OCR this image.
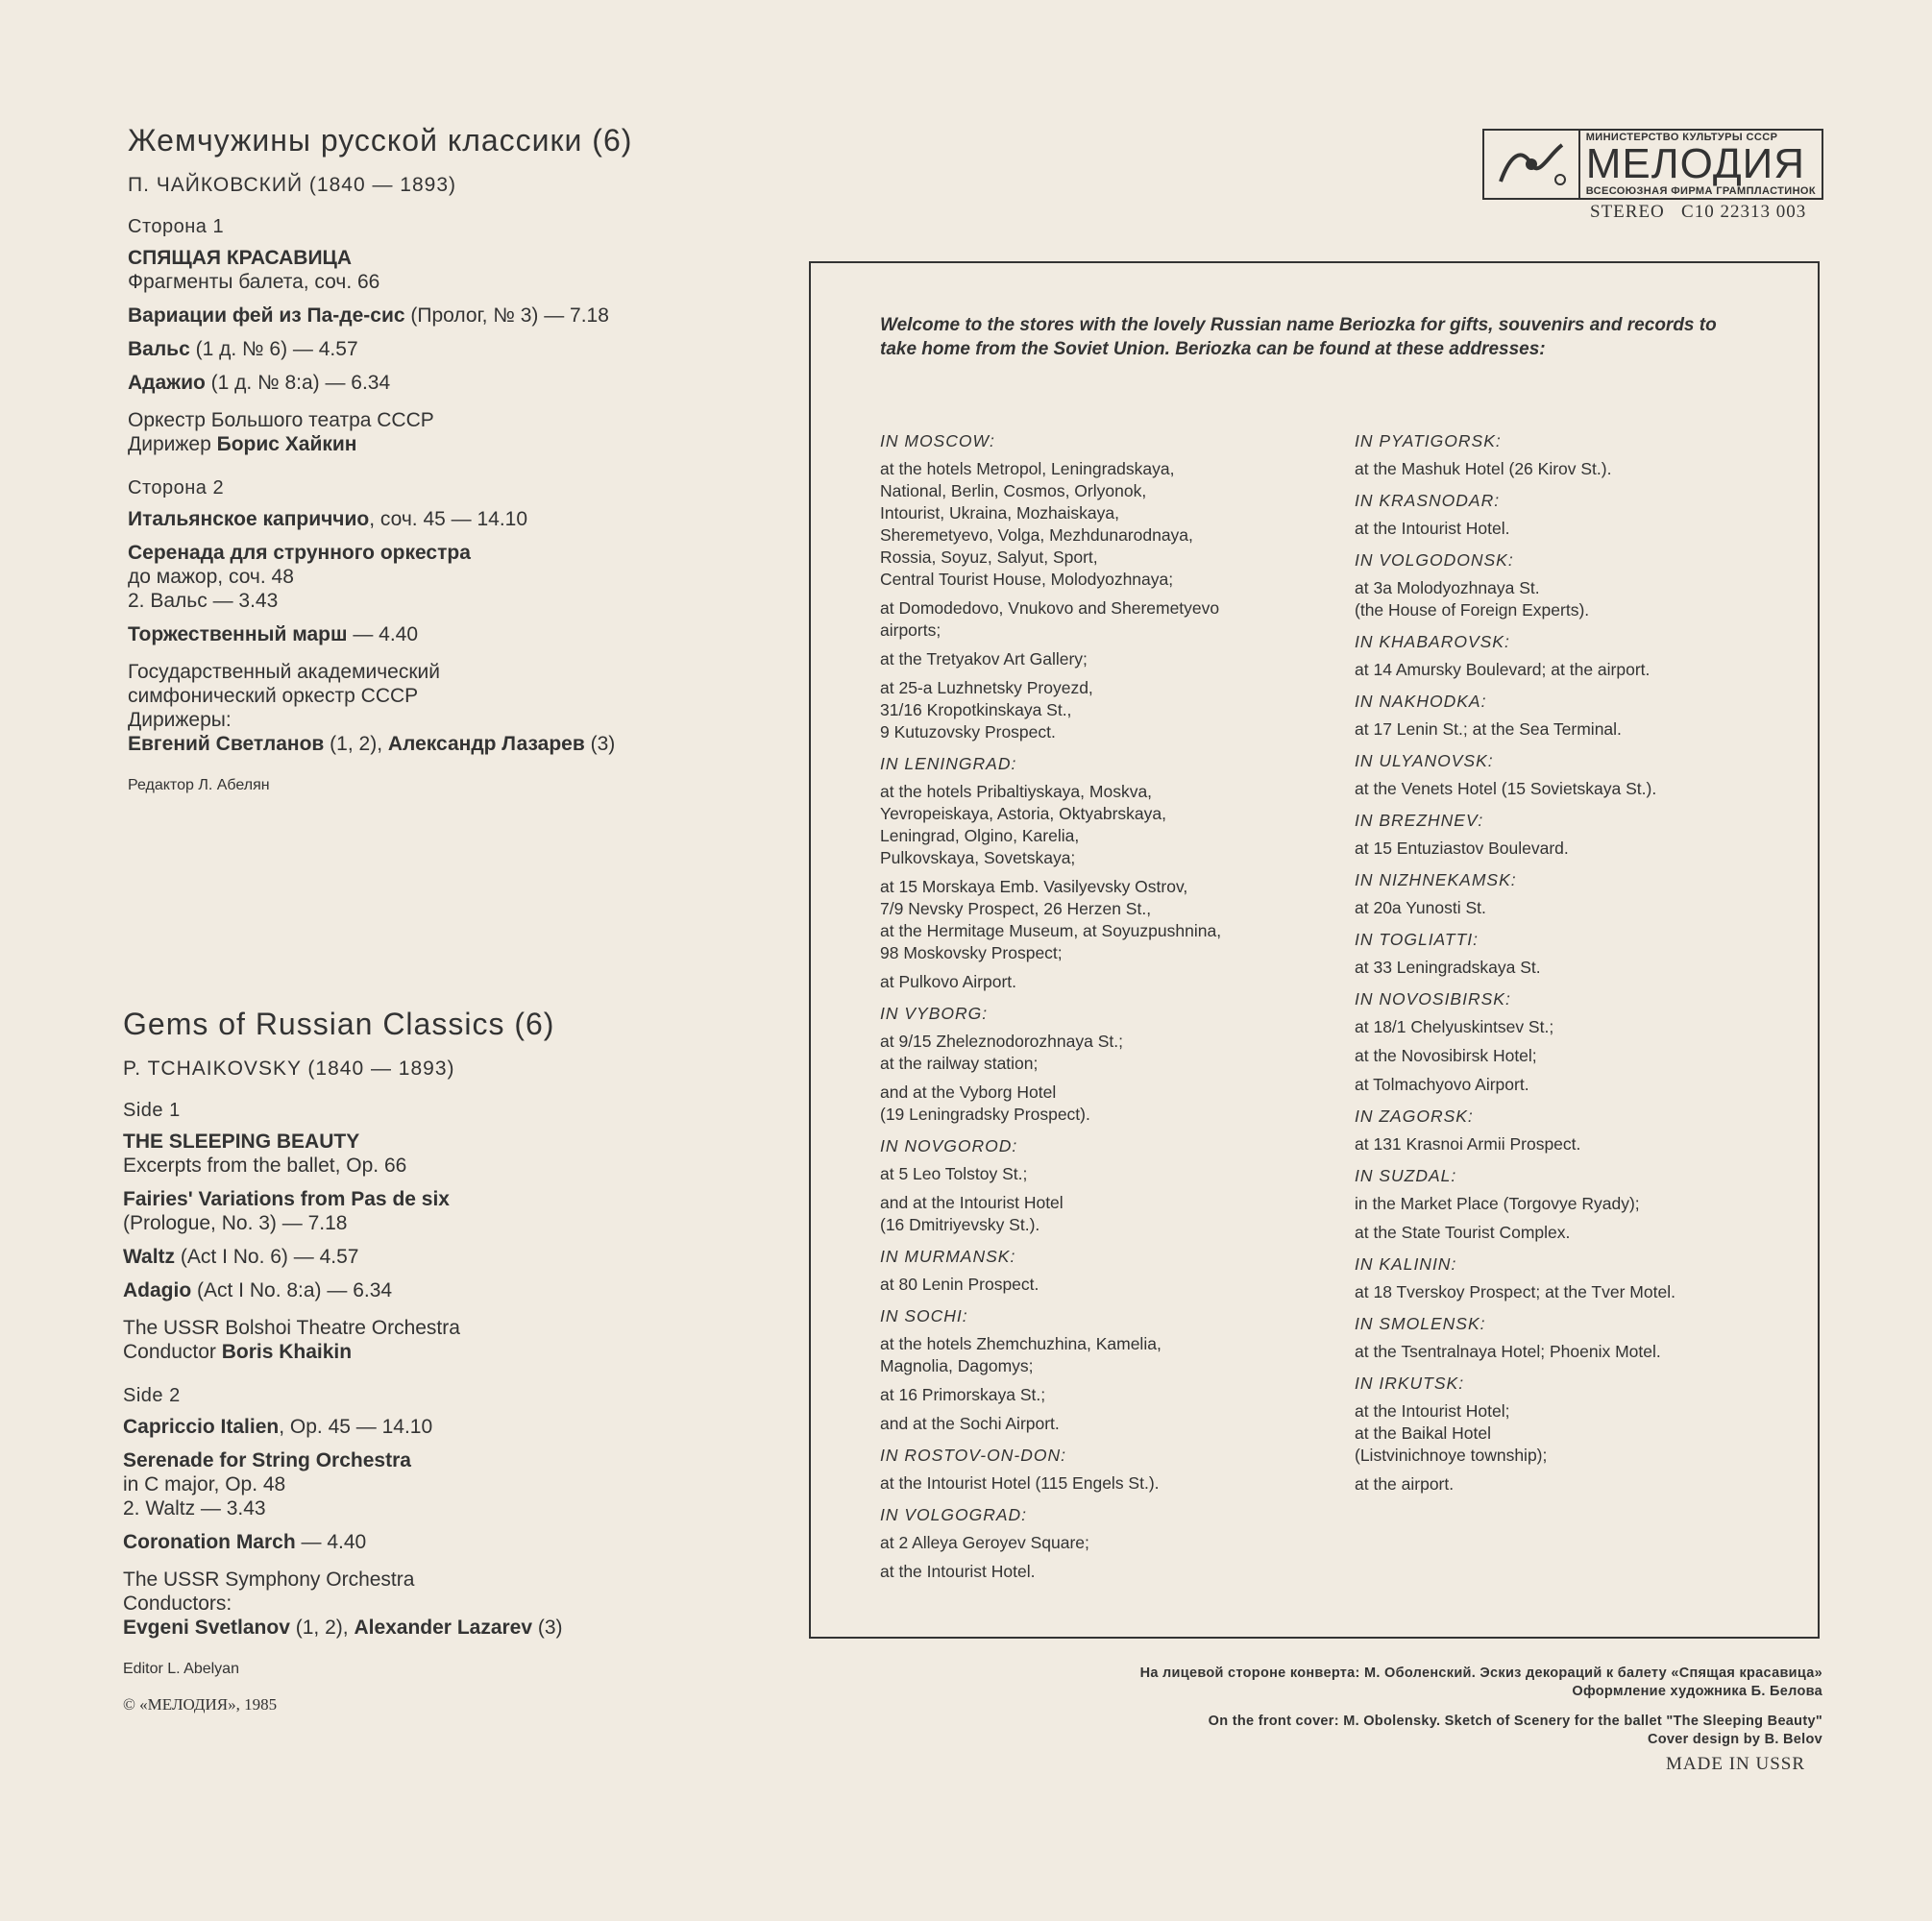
Жемчужины русской классики (6)
П. ЧАЙКОВСКИЙ (1840 — 1893)
Сторона 1
СПЯЩАЯ КРАСАВИЦА
Фрагменты балета, соч. 66
Вариации фей из Па-де-сис (Пролог, № 3) — 7.18
Вальс (1 д. № 6) — 4.57
Адажио (1 д. № 8:а) — 6.34
Оркестр Большого театра СССР
Дирижер Борис Хайкин
Сторона 2
Итальянское каприччио, соч. 45 — 14.10
Серенада для струнного оркестра
до мажор, соч. 48
2. Вальс — 3.43
Торжественный марш — 4.40
Государственный академический
симфонический оркестр СССР
Дирижеры:
Евгений Светланов (1, 2), Александр Лазарев (3)
Редактор Л. Абелян
Gems of Russian Classics (6)
P. TCHAIKOVSKY (1840 — 1893)
Side 1
THE SLEEPING BEAUTY
Excerpts from the ballet, Op. 66
Fairies' Variations from Pas de six
(Prologue, No. 3) — 7.18
Waltz (Act I No. 6) — 4.57
Adagio (Act I No. 8:a) — 6.34
The USSR Bolshoi Theatre Orchestra
Conductor Boris Khaikin
Side 2
Capriccio Italien, Op. 45 — 14.10
Serenade for String Orchestra
in C major, Op. 48
2. Waltz — 3.43
Coronation March — 4.40
The USSR Symphony Orchestra
Conductors:
Evgeni Svetlanov (1, 2), Alexander Lazarev (3)
Editor L. Abelyan
© «МЕЛОДИЯ», 1985
МИНИСТЕРСТВО КУЛЬТУРЫ СССР
МЕЛОДИЯ
ВСЕСОЮЗНАЯ ФИРМА ГРАМПЛАСТИНОК
STEREO   С10 22313 003
Welcome to the stores with the lovely Russian name Beriozka for gifts, souvenirs and records to take home from the Soviet Union. Beriozka can be found at these addresses:
IN MOSCOW:
at the hotels Metropol, Leningradskaya,
National, Berlin, Cosmos, Orlyonok,
Intourist, Ukraina, Mozhaiskaya,
Sheremetyevo, Volga, Mezhdunarodnaya,
Rossia, Soyuz, Salyut, Sport,
Central Tourist House, Molodyozhnaya;
at Domodedovo, Vnukovo and Sheremetyevo
airports;
at the Tretyakov Art Gallery;
at 25-a Luzhnetsky Proyezd,
31/16 Kropotkinskaya St.,
9 Kutuzovsky Prospect.
IN LENINGRAD:
at the hotels Pribaltiyskaya, Moskva,
Yevropeiskaya, Astoria, Oktyabrskaya,
Leningrad, Olgino, Karelia,
Pulkovskaya, Sovetskaya;
at 15 Morskaya Emb. Vasilyevsky Ostrov,
7/9 Nevsky Prospect, 26 Herzen St.,
at the Hermitage Museum, at Soyuzpushnina,
98 Moskovsky Prospect;
at Pulkovo Airport.
IN VYBORG:
at 9/15 Zheleznodorozhnaya St.;
at the railway station;
and at the Vyborg Hotel
(19 Leningradsky Prospect).
IN NOVGOROD:
at 5 Leo Tolstoy St.;
and at the Intourist Hotel
(16 Dmitriyevsky St.).
IN MURMANSK:
at 80 Lenin Prospect.
IN SOCHI:
at the hotels Zhemchuzhina, Kamelia,
Magnolia, Dagomys;
at 16 Primorskaya St.;
and at the Sochi Airport.
IN ROSTOV-ON-DON:
at the Intourist Hotel (115 Engels St.).
IN VOLGOGRAD:
at 2 Alleya Geroyev Square;
at the Intourist Hotel.
IN PYATIGORSK:
at the Mashuk Hotel (26 Kirov St.).
IN KRASNODAR:
at the Intourist Hotel.
IN VOLGODONSK:
at 3a Molodyozhnaya St.
(the House of Foreign Experts).
IN KHABAROVSK:
at 14 Amursky Boulevard; at the airport.
IN NAKHODKA:
at 17 Lenin St.; at the Sea Terminal.
IN ULYANOVSK:
at the Venets Hotel (15 Sovietskaya St.).
IN BREZHNEV:
at 15 Entuziastov Boulevard.
IN NIZHNEKAMSK:
at 20a Yunosti St.
IN TOGLIATTI:
at 33 Leningradskaya St.
IN NOVOSIBIRSK:
at 18/1 Chelyuskintsev St.;
at the Novosibirsk Hotel;
at Tolmachyovo Airport.
IN ZAGORSK:
at 131 Krasnoi Armii Prospect.
IN SUZDAL:
in the Market Place (Torgovye Ryady);
at the State Tourist Complex.
IN KALININ:
at 18 Tverskoy Prospect; at the Tver Motel.
IN SMOLENSK:
at the Tsentralnaya Hotel; Phoenix Motel.
IN IRKUTSK:
at the Intourist Hotel;
at the Baikal Hotel
(Listvinichnoye township);
at the airport.
На лицевой стороне конверта: М. Оболенский. Эскиз декораций к балету «Спящая красавица»
Оформление художника Б. Белова
On the front cover: M. Obolensky. Sketch of Scenery for the ballet "The Sleeping Beauty"
Cover design by B. Belov
MADE IN USSR
